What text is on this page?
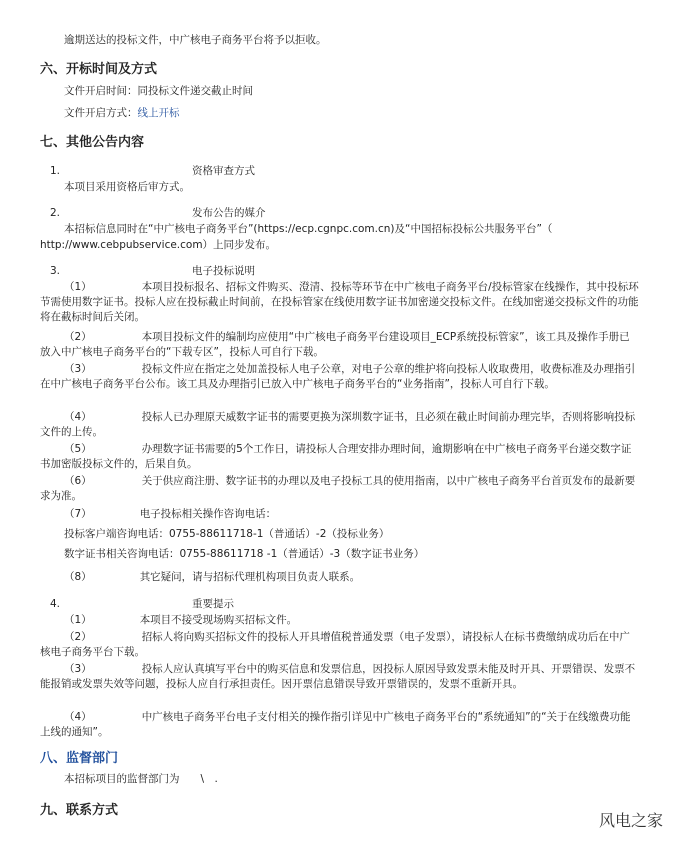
逾期送达的投标文件，中广核电子商务平台将予以拒收。
六、开标时间及方式
文件开启时间：同投标文件递交截止时间
文件开启方式：线上开标
七、其他公告内容
1.	资格审查方式
本项目采用资格后审方式。
2.	发布公告的媒介
本招标信息同时在“中广核电子商务平台”(https://ecp.cgnpc.com.cn)及“中国招标投标公共服务平台”（
http://www.cebpubservice.com）上同步发布。
3.	电子投标说明
（1）	本项目投标报名、招标文件购买、澄清、投标等环节在中广核电子商务平台/投标管家在线操作，其中投标环节需使用数字证书。投标人应在投标截止时间前，在投标管家在线使用数字证书加密递交投标文件。在线加密递交投标文件的功能将在截标时间后关闭。
（2）	本项目投标文件的编制均应使用“中广核电子商务平台建设项目_ECP系统投标管家”，该工具及操作手册已放入中广核电子商务平台的“下载专区”，投标人可自行下载。
（3）	投标文件应在指定之处加盖投标人电子公章，对电子公章的维护将向投标人收取费用，收费标准及办理指引在中广核电子商务平台公布。该工具及办理指引已放入中广核电子商务平台的“业务指南”，投标人可自行下载。
（4）	投标人已办理原天威数字证书的需要更换为深圳数字证书，且必须在截止时间前办理完毕，否则将影响投标文件的上传。
（5）	办理数字证书需要的5个工作日，请投标人合理安排办理时间，逾期影响在中广核电子商务平台递交数字证书加密版投标文件的，后果自负。
（6）	关于供应商注册、数字证书的办理以及电子投标工具的使用指南，以中广核电子商务平台首页发布的最新要求为准。
（7）	电子投标相关操作咨询电话：
投标客户端咨询电话：0755-88611718-1（普通话）-2（投标业务）
数字证书相关咨询电话：0755-88611718 -1（普通话）-3（数字证书业务）
（8）	其它疑问，请与招标代理机构项目负责人联系。
4.	重要提示
（1）	本项目不接受现场购买招标文件。
（2）	招标人将向购买招标文件的投标人开具增值税普通发票（电子发票），请投标人在标书费缴纳成功后在中广核电子商务平台下载。
（3）	投标人应认真填写平台中的购买信息和发票信息，因投标人原因导致发票未能及时开具、开票错误、发票不能报销或发票失效等问题，投标人应自行承担责任。因开票信息错误导致开票错误的，发票不重新开具。
（4）	中广核电子商务平台电子支付相关的操作指引详见中广核电子商务平台的“系统通知”的“关于在线缴费功能上线的通知”。
八、监督部门
本招标项目的监督部门为　　\　.
九、联系方式
风电之家
